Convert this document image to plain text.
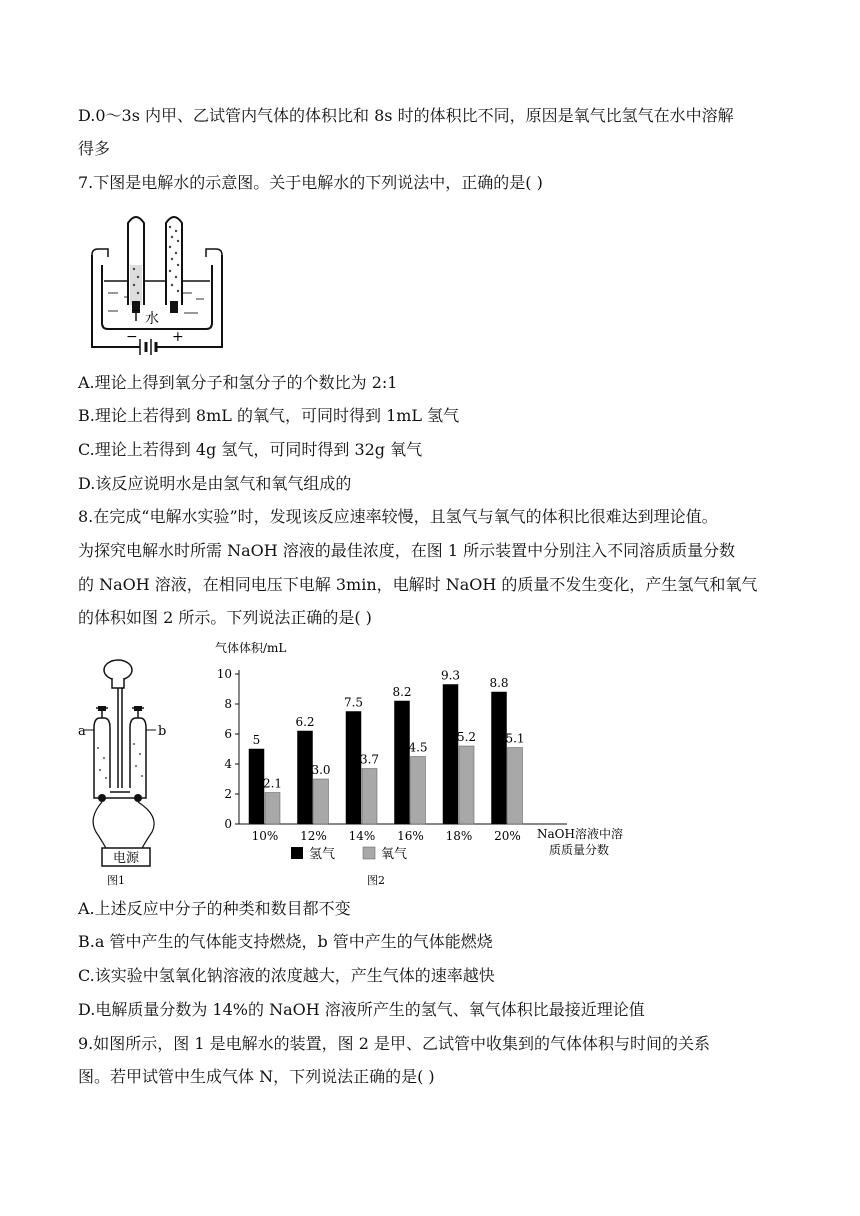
D.0～3s 内甲、乙试管内气体的体积比和 8s 时的体积比不同，原因是氧气比氢气在水中溶解
得多
7.下图是电解水的示意图。关于电解水的下列说法中，正确的是( )
水
− +
A.理论上得到氧分子和氢分子的个数比为 2:1
B.理论上若得到 8mL 的氧气，可同时得到 1mL 氢气
C.理论上若得到 4g 氢气，可同时得到 32g 氧气
D.该反应说明水是由氢气和氧气组成的
8.在完成“电解水实验”时，发现该反应速率较慢，且氢气与氧气的体积比很难达到理论值。
为探究电解水时所需 NaOH 溶液的最佳浓度，在图 1 所示装置中分别注入不同溶质质量分数
的 NaOH 溶液，在相同电压下电解 3min，电解时 NaOH 的质量不发生变化，产生氢气和氧气
的体积如图 2 所示。下列说法正确的是( )
a	b
电源
图1
气体体积/mL
0
2
4
6
8
10
5
2.1
6.2
3.0
7.5
3.7
8.2
4.5
9.3
5.2
8.8
5.1
10% 12% 14% 16% 18% 20% NaOH溶液中溶
质质量分数
氢气	氧气
图2
A.上述反应中分子的种类和数目都不变
B.a 管中产生的气体能支持燃烧，b 管中产生的气体能燃烧
C.该实验中氢氧化钠溶液的浓度越大，产生气体的速率越快
D.电解质量分数为 14%的 NaOH 溶液所产生的氢气、氧气体积比最接近理论值
9.如图所示，图 1 是电解水的装置，图 2 是甲、乙试管中收集到的气体体积与时间的关系
图。若甲试管中生成气体 N，下列说法正确的是( )
